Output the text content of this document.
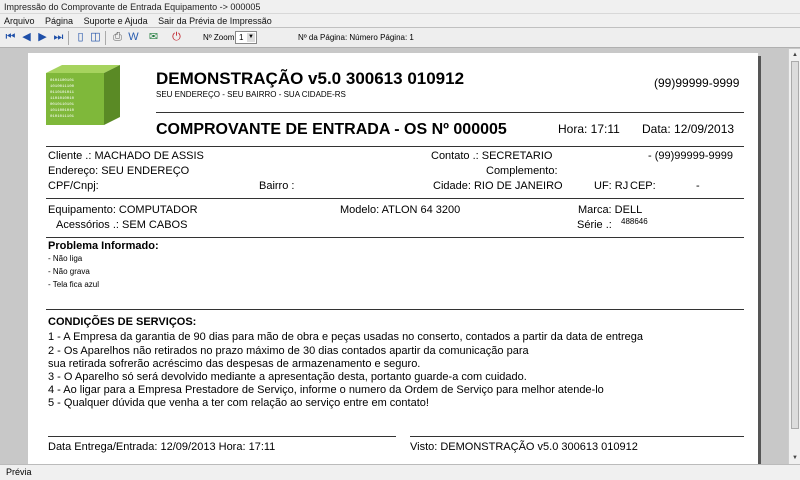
Impressão do Comprovante de Entrada Equipamento -> 000005
Arquivo Página Suporte e Ajuda Sair da Prévia de Impressão
⏮ ◀ ▶ ⏭	▯ ◫ ⎙ W ✉ ⏻	Nº Zoom 1 ▼	Nº da Página: Número Página: 1
0101100101
1010011100
0110101011
1101010010
0010110101
1011001010
0101011101
DEMONSTRAÇÃO v5.0 300613 010912
SEU ENDEREÇO - SEU BAIRRO - SUA CIDADE-RS
(99)99999-9999
COMPROVANTE DE ENTRADA - OS Nº 000005	Hora: 17:11 Data: 12/09/2013
Cliente .: MACHADO DE ASSIS	Contato .: SECRETARIO	- (99)99999-9999
Endereço: SEU ENDEREÇO	Complemento:
CPF/Cnpj:	Bairro :	Cidade: RIO DE JANEIRO	UF: RJ CEP:	-
Equipamento: COMPUTADOR	Modelo: ATLON 64 3200	Marca: DELL
Acessórios .: SEM CABOS	Série .: 488646
Problema Informado:
- Não liga
- Não grava
- Tela fica azul
CONDIÇÕES DE SERVIÇOS:
1 - A Empresa da garantia de 90 dias para mão de obra e peças usadas no conserto, contados a partir da data de entrega
2 - Os Aparelhos não retirados no prazo máximo de 30 dias contados apartir da comunicação para
sua retirada sofrerão acréscimo das despesas de armazenamento e seguro.
3 - O Aparelho só será devolvido mediante a apresentação desta, portanto guarde-a com cuidado.
4 - Ao ligar para a Empresa Prestadore de Serviço, informe o numero da Ordem de Serviço para melhor atende-lo
5 - Qualquer dúvida que venha a ter com relação ao serviço entre em contato!
Data Entrega/Entrada: 12/09/2013 Hora: 17:11	Visto: DEMONSTRAÇÃO v5.0 300613 010912
▲
▼
Prévia
